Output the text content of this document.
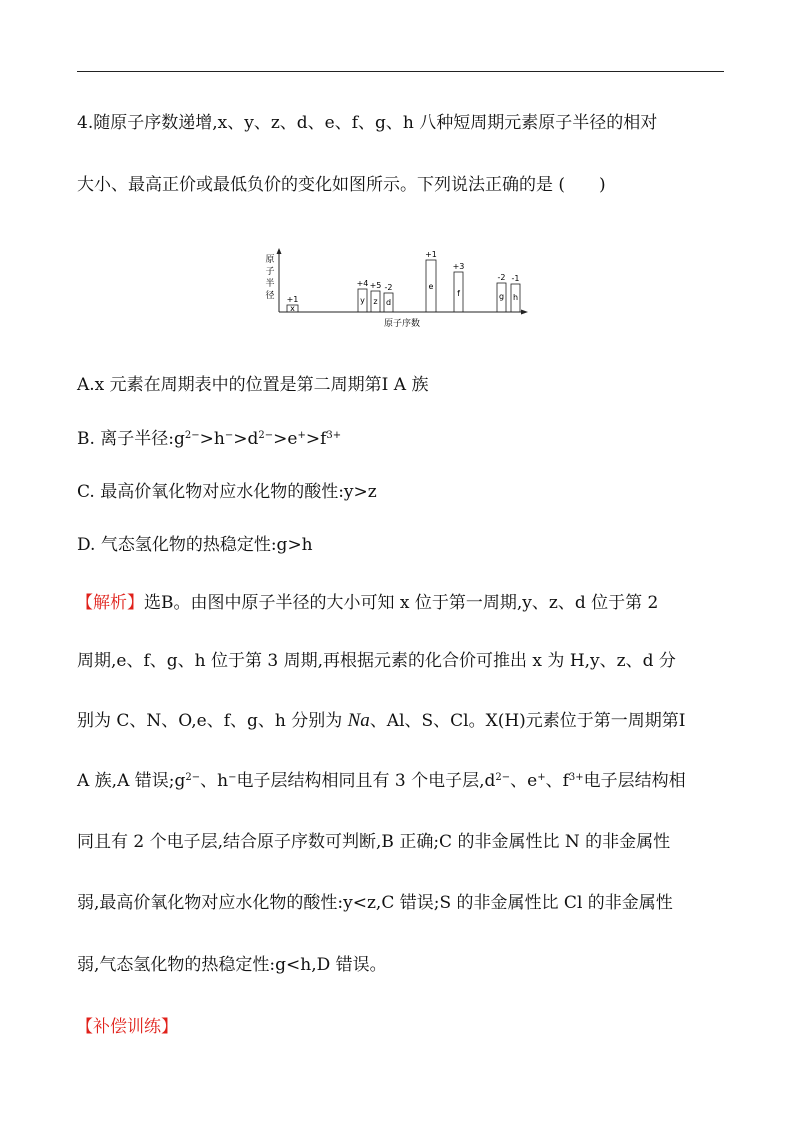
4.随原子序数递增,x、y、z、d、e、f、g、h 八种短周期元素原子半径的相对
大小、最高正价或最低负价的变化如图所示。下列说法正确的是 (　　)
原
子
半
径
原子序数
x
+1	y
+4
z
+5
d
-2	e
+1
f
+3
g
-2
h
-1
A.x 元素在周期表中的位置是第二周期第Ⅰ A 族
B. 离子半径$:g^{2-}>h^->d^{2-}>e^+>f^{3+}$
C. 最高价氧化物对应水化物的酸性:y>z
D. 气态氢化物的热稳定性:g>h
【解析】选B。由图中原子半径的大小可知 x 位于第一周期,y、z、d 位于第 2
周期,e、f、g、h 位于第 3 周期,再根据元素的化合价可推出 x 为 H,y、z、d 分
别为 C、N、O,e、f、g、h 分别为 Na、Al、S、Cl。X(H)元素位于第一周期第Ⅰ
A 族,A 错误$;g^{2-}$、h−电子层结构相同且有 3 个电子层$,d^{2-}$、e+、$f^{3+}$电子层结构相
同且有 2 个电子层,结合原子序数可判断,B 正确;C 的非金属性比 N 的非金属性
弱,最高价氧化物对应水化物的酸性:y<z,C 错误;S 的非金属性比 Cl 的非金属性
弱,气态氢化物的热稳定性:g<h,D 错误。
【补偿训练】
